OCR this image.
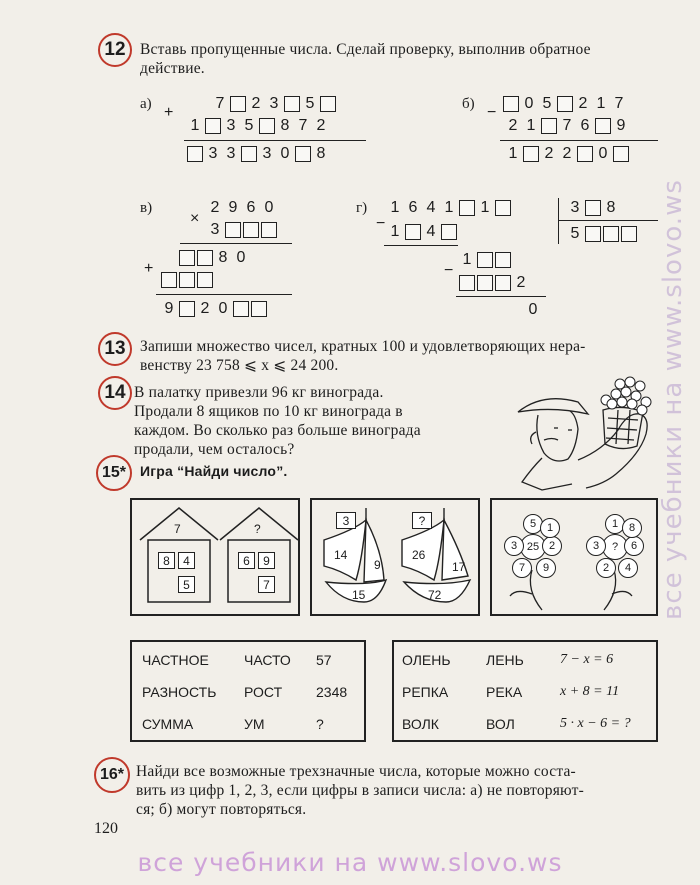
12 Вставь пропущенные числа. Сделай проверку, выполнив обратное
действие.
а) +
7 2 3 5
1 3 5 8 7 2
3 3 3 0 8
б) −
0 5 2 1 7
2 1 7 6 9
1 2 2 0
в)
×
2 9 6 0
3
8 0
+
9 2 0
г)
−
1 6 4 1 1	3 8
5
1 4
1
−
2
0
13 Запиши множество чисел, кратных 100 и удовлетворяющих нера-
венству 23 758 ⩽ x ⩽ 24 200.
14 В палатку привезли 96 кг винограда.
Продали 8 ящиков по 10 кг винограда в
каждом. Во сколько раз больше винограда
продали, чем осталось?
15* Игра “Найди число”.
7
8	4
5
?
6	9
7
3
14
9
15
?
26
17
72
25
5
3	2
7	9
1
?	6
1
3
4
2
8
ЧАСТНОЕ	ЧАСТО 57
РАЗНОСТЬ РОСТ 2348
СУММА	УМ	?
ОЛЕНЬ	ЛЕНЬ	7 − x = 6
РЕПКА	РЕКА	x + 8 = 11
ВОЛК	ВОЛ	5 · x − 6 = ?
16* Найди все возможные трехзначные числа, которые можно соста-
вить из цифр 1, 2, 3, если цифры в записи числа: а) не повторяют-
ся; б) могут повторяться.
120
все учебники на www.slovo.ws
все учебники на www.slovo.ws
